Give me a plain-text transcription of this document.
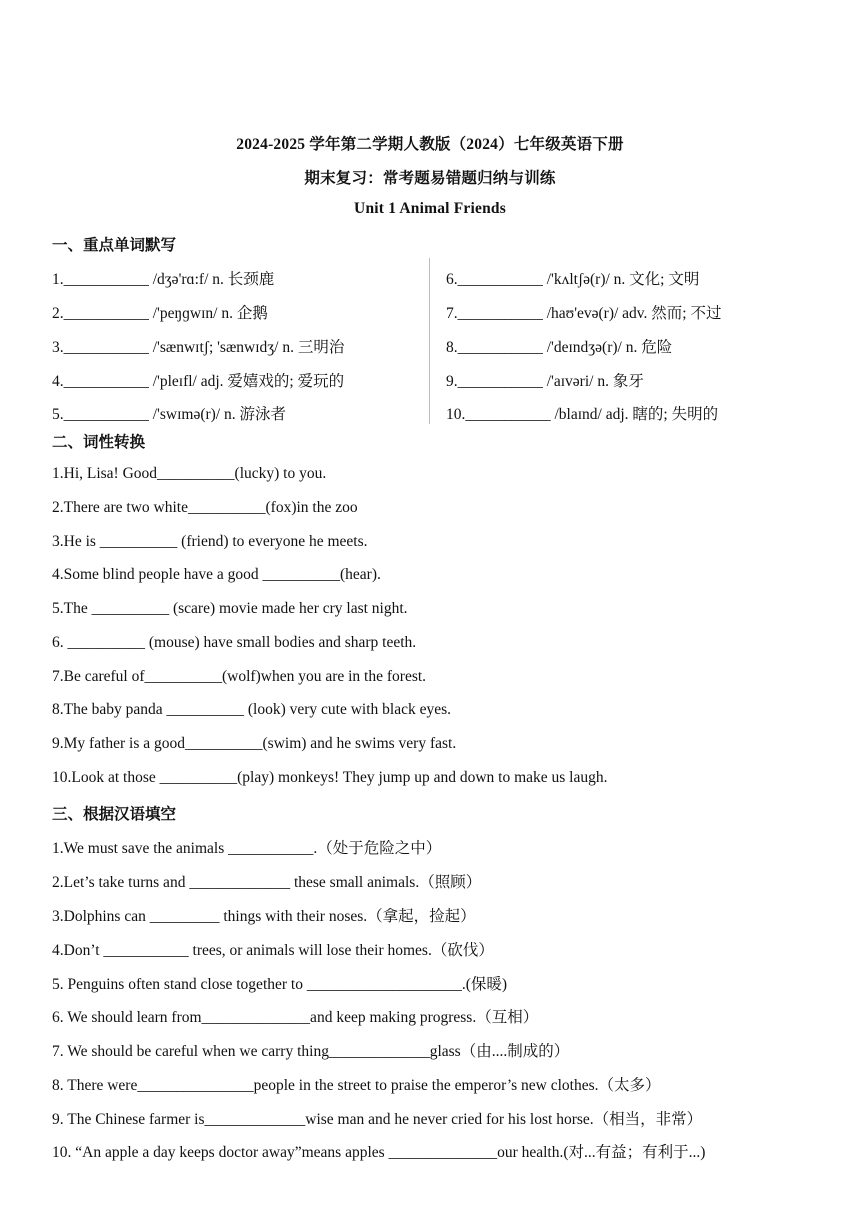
2024-2025 学年第二学期人教版（2024）七年级英语下册
期末复习：常考题易错题归纳与训练
Unit 1 Animal Friends
一、重点单词默写
1.___________ /dʒə'rɑ:f/ n. 长颈鹿
2.___________ /'peŋɡwɪn/ n. 企鹅
3.___________ /'sænwɪtʃ; 'sænwɪdʒ/ n. 三明治
4.___________ /'pleɪfl/ adj. 爱嬉戏的; 爱玩的
5.___________ /'swɪmə(r)/ n. 游泳者
6.___________ /'kʌltʃə(r)/ n. 文化; 文明
7.___________ /haʊ'evə(r)/ adv. 然而; 不过
8.___________ /'deɪndʒə(r)/ n. 危险
9.___________ /'aɪvəri/ n. 象牙
10.___________ /blaɪnd/ adj. 瞎的; 失明的
二、词性转换
1.Hi, Lisa! Good__________(lucky) to you.
2.There are two white__________(fox)in the zoo
3.He is __________ (friend) to everyone he meets.
4.Some blind people have a good __________(hear).
5.The __________ (scare) movie made her cry last night.
6. __________ (mouse) have small bodies and sharp teeth.
7.Be careful of__________(wolf)when you are in the forest.
8.The baby panda __________ (look) very cute with black eyes.
9.My father is a good__________(swim) and he swims very fast.
10.Look at those __________(play) monkeys! They jump up and down to make us laugh.
三、根据汉语填空
1.We must save the animals ___________.（处于危险之中）
2.Let’s take turns and _____________ these small animals.（照顾）
3.Dolphins can _________ things with their noses.（拿起，捡起）
4.Don’t ___________ trees, or animals will lose their homes.（砍伐）
5. Penguins often stand close together to ____________________.(保暖)
6. We should learn from______________and keep making progress.（互相）
7. We should be careful when we carry thing_____________glass（由....制成的）
8. There were_______________people in the street to praise the emperor’s new clothes.（太多）
9. The Chinese farmer is_____________wise man and he never cried for his lost horse.（相当，非常）
10. “An apple a day keeps doctor away”means apples ______________our health.(对...有益；有利于...)
